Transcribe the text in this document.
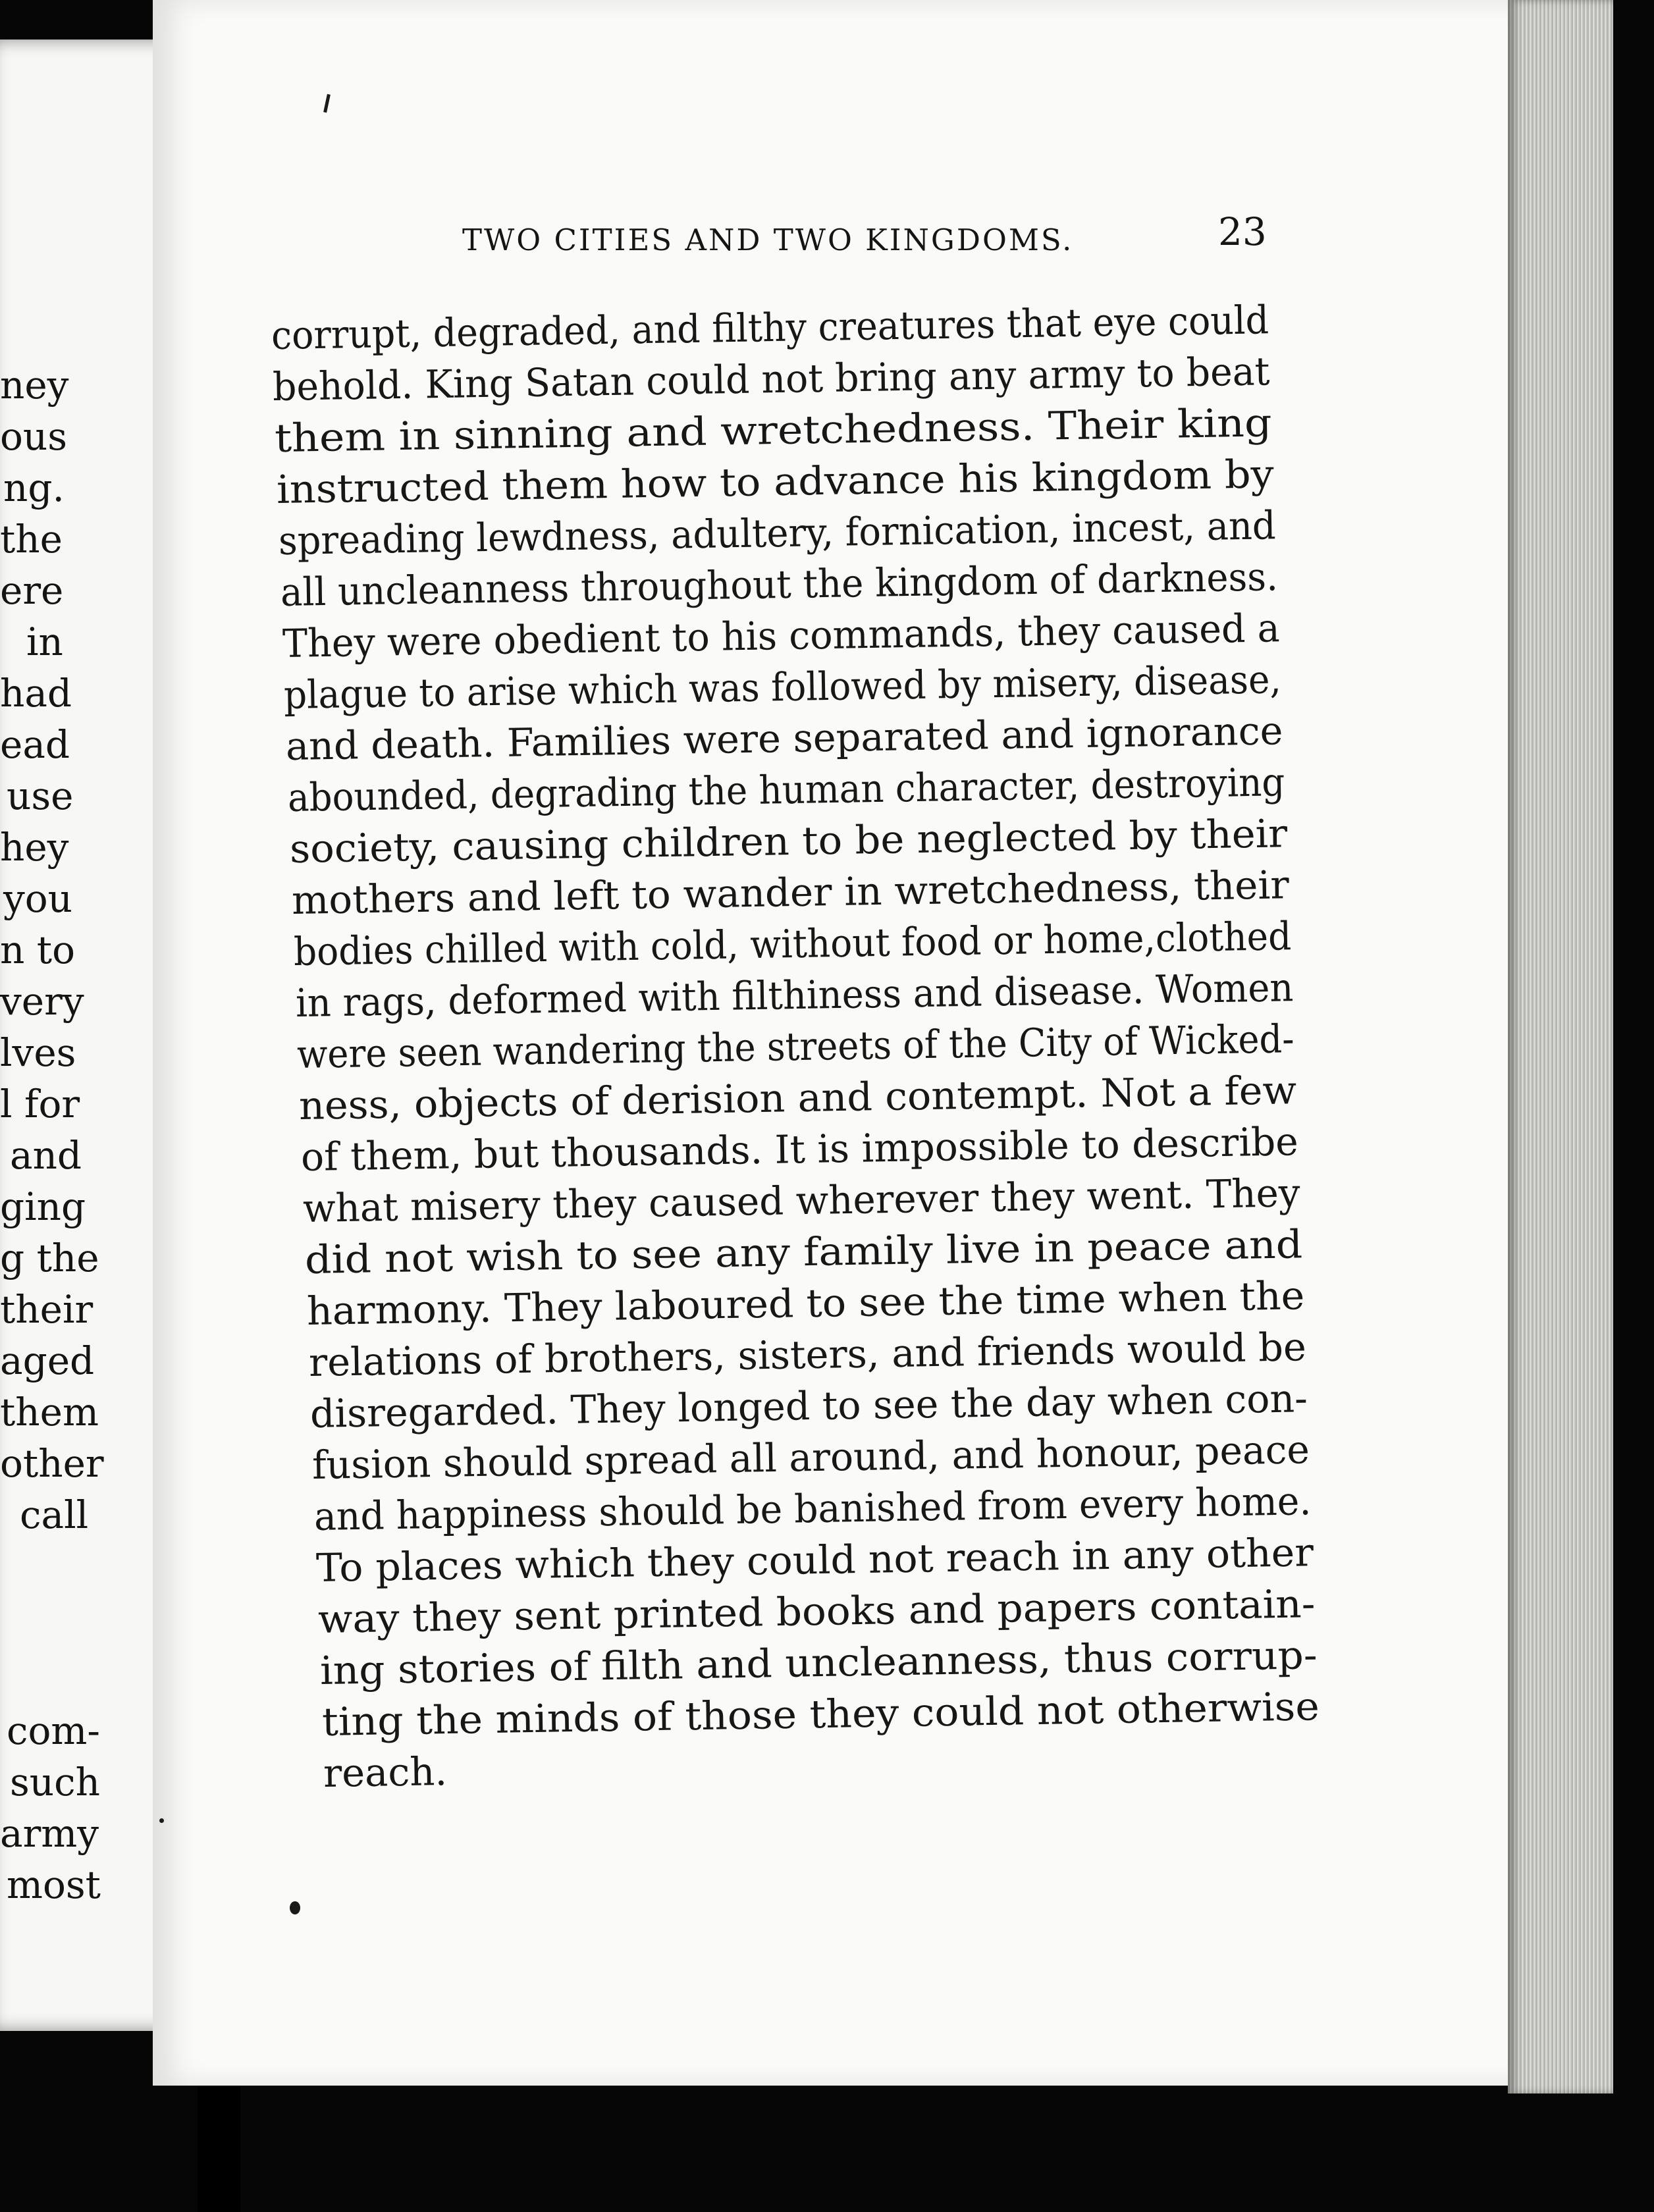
ney
ous
ng.
the
ere
in
had
ead
use
hey
you
n to
very
lves
l for
and
ging
g the
their
aged
them
other
call
com-
such
army
most
TWO CITIES AND TWO KINGDOMS.	23

corrupt, degraded, and filthy creatures that eye could

behold. King Satan could not bring any army to beat

them in sinning and wretchedness. Their king

instructed them how to advance his kingdom by

spreading lewdness, adultery, fornication, incest, and

all uncleanness throughout the kingdom of darkness.

They were obedient to his commands, they caused a

plague to arise which was followed by misery, disease,

and death. Families were separated and ignorance

abounded, degrading the human character, destroying

society, causing children to be neglected by their

mothers and left to wander in wretchedness, their

bodies chilled with cold, without food or home,clothed

in rags, deformed with filthiness and disease. Women

were seen wandering the streets of the City of Wicked-

ness, objects of derision and contempt. Not a few

of them, but thousands. It is impossible to describe

what misery they caused wherever they went. They

did not wish to see any family live in peace and

harmony. They laboured to see the time when the

relations of brothers, sisters, and friends would be

disregarded. They longed to see the day when con-

fusion should spread all around, and honour, peace

and happiness should be banished from every home.

To places which they could not reach in any other

way they sent printed books and papers contain-

ing stories of filth and uncleanness, thus corrup-

ting the minds of those they could not otherwise

reach.
